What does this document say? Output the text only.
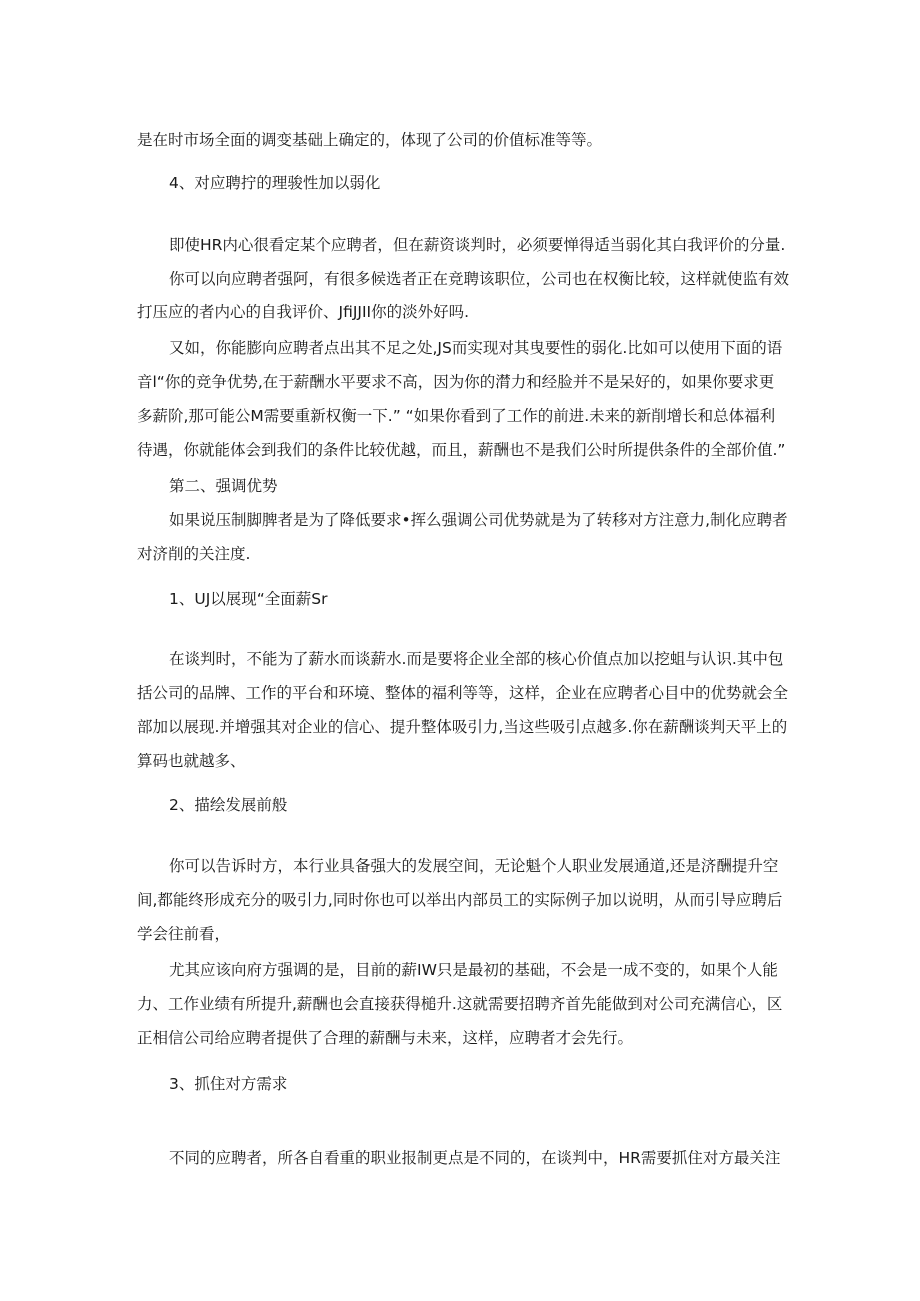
是在时市场全面的调变基础上确定的，体现了公司的价值标准等等。
4、对应聘拧的理骏性加以弱化
即使HR内心很看定某个应聘者，但在薪资谈判时，必须要惮得适当弱化其白我评价的分量.
你可以向应聘者强阿，有很多候选者正在竞聘该职位，公司也在权衡比较，这样就使监有效
打压应的者内心的自我评价、JfiJJII你的淡外好吗.
又如，你能膨向应聘者点出其不足之处,JS而实现对其曳要性的弱化.比如可以使用下面的语
音l“你的竞争优势,在于薪酬水平要求不高，因为你的潸力和经脸并不是呆好的，如果你要求更
多薪阶,那可能公M需要重新权衡一下.” “如果你看到了工作的前进.未来的新削增长和总体福利
待遇，你就能体会到我们的条件比较优越，而且，薪酬也不是我们公时所提供条件的全部价值.”
第二、强调优势
如果说压制脚脾者是为了降低要求•挥么强调公司优势就是为了转移对方注意力,制化应聘者
对济削的关注度.
1、UJ以展现“全面薪Sr
在谈判时，不能为了薪水而谈薪水.而是要将企业全部的核心价值点加以挖蛆与认识.其中包
括公司的品牌、工作的平台和环境、整体的福利等等，这样，企业在应聘者心目中的优势就会全
部加以展现.并增强其对企业的信心、提升整体吸引力,当这些吸引点越多.你在薪酬谈判天平上的
算码也就越多、
2、描绘发展前般
你可以告诉时方，本行业具备强大的发展空间，无论魁个人职业发展通道,还是济酬提升空
间,都能终形成充分的吸引力,同时你也可以举出内部员工的实际例子加以说明，从而引导应聘后
学会往前看，
尤其应该向府方强调的是，目前的薪IW只是最初的基础，不会是一成不变的，如果个人能
力、工作业绩有所提升,薪酬也会直接获得槌升.这就需要招聘齐首先能做到对公司充满信心，区
正相信公司给应聘者提供了合理的薪酬与未来，这样，应聘者才会先行。
3、抓住对方需求
不同的应聘者，所各自看重的职业报制更点是不同的，在谈判中，HR需要抓住对方最关注
